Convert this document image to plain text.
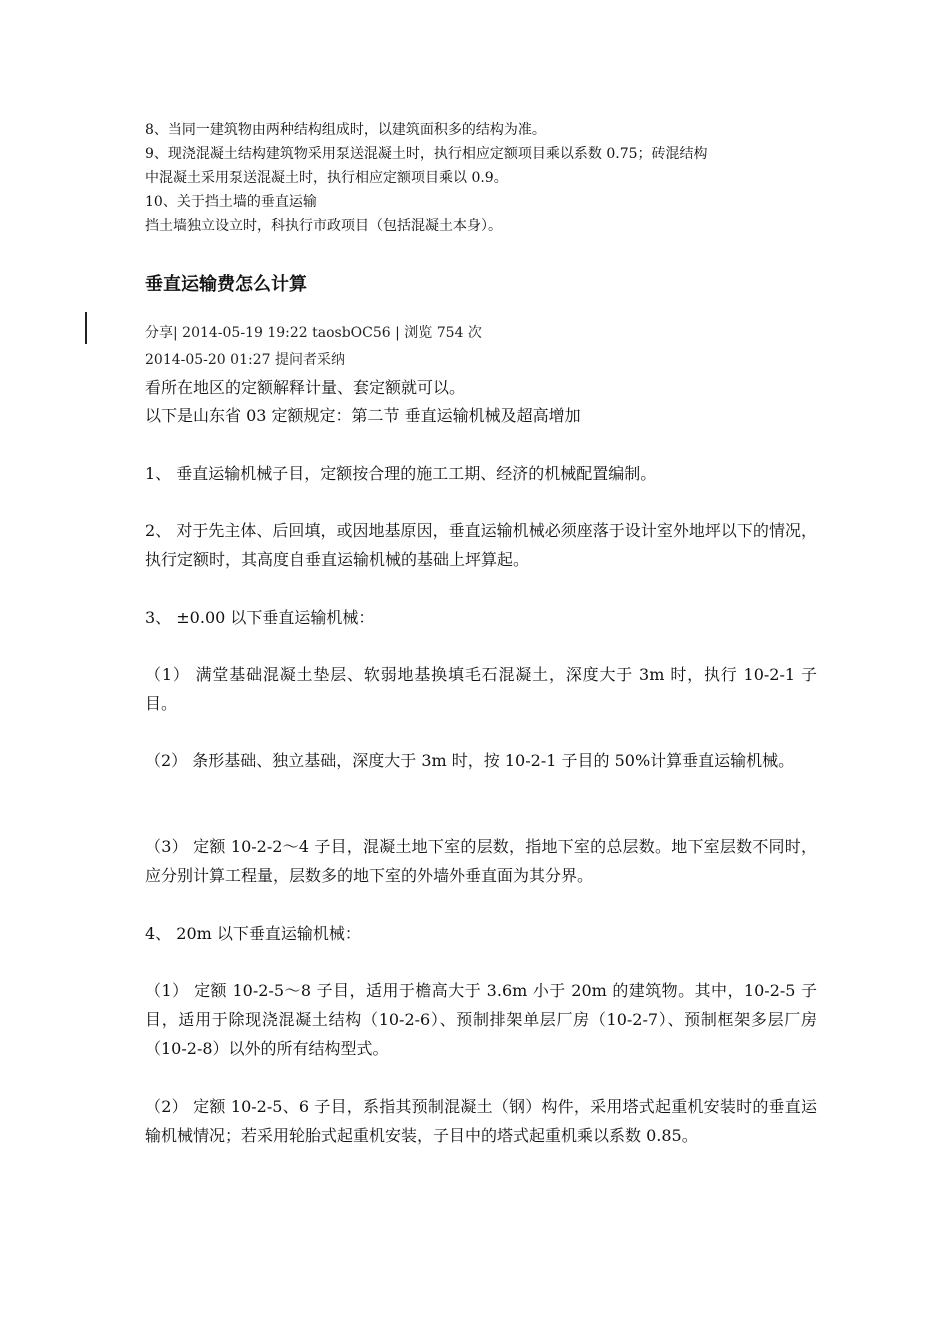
8、当同一建筑物由两种结构组成时，以建筑面积多的结构为准。

9、现浇混凝土结构建筑物采用泵送混凝土时，执行相应定额项目乘以系数 0.75；砖混结构

中混凝土采用泵送混凝土时，执行相应定额项目乘以 0.9。

10、关于挡土墙的垂直运输

挡土墙独立设立时，科执行市政项目（包括混凝土本身）。

垂直运输费怎么计算
分享| 2014-05-19 19:22 taosbOC56 | 浏览 754 次
2014-05-20 01:27 提问者采纳
看所在地区的定额解释计量、套定额就可以。
以下是山东省 03 定额规定：第二节 垂直运输机械及超高增加

1、 垂直运输机械子目，定额按合理的施工工期、经济的机械配置编制。

2、 对于先主体、后回填，或因地基原因，垂直运输机械必须座落于设计室外地坪以下的情况，执行定额时，其高度自垂直运输机械的基础上坪算起。

3、 ±0.00 以下垂直运输机械：

（1） 满堂基础混凝土垫层、软弱地基换填毛石混凝土，深度大于 3m 时，执行 10-2-1 子目。

（2） 条形基础、独立基础，深度大于 3m 时，按 10-2-1 子目的 50%计算垂直运输机械。

（3） 定额 10-2-2～4 子目，混凝土地下室的层数，指地下室的总层数。地下室层数不同时，应分别计算工程量，层数多的地下室的外墙外垂直面为其分界。

4、 20m 以下垂直运输机械：

（1） 定额 10-2-5～8 子目，适用于檐高大于 3.6m 小于 20m 的建筑物。其中，10-2-5 子目，适用于除现浇混凝土结构（10-2-6）、预制排架单层厂房（10-2-7）、预制框架多层厂房（10-2-8）以外的所有结构型式。

（2） 定额 10-2-5、6 子目，系指其预制混凝土（钢）构件，采用塔式起重机安装时的垂直运输机械情况；若采用轮胎式起重机安装，子目中的塔式起重机乘以系数 0.85。
